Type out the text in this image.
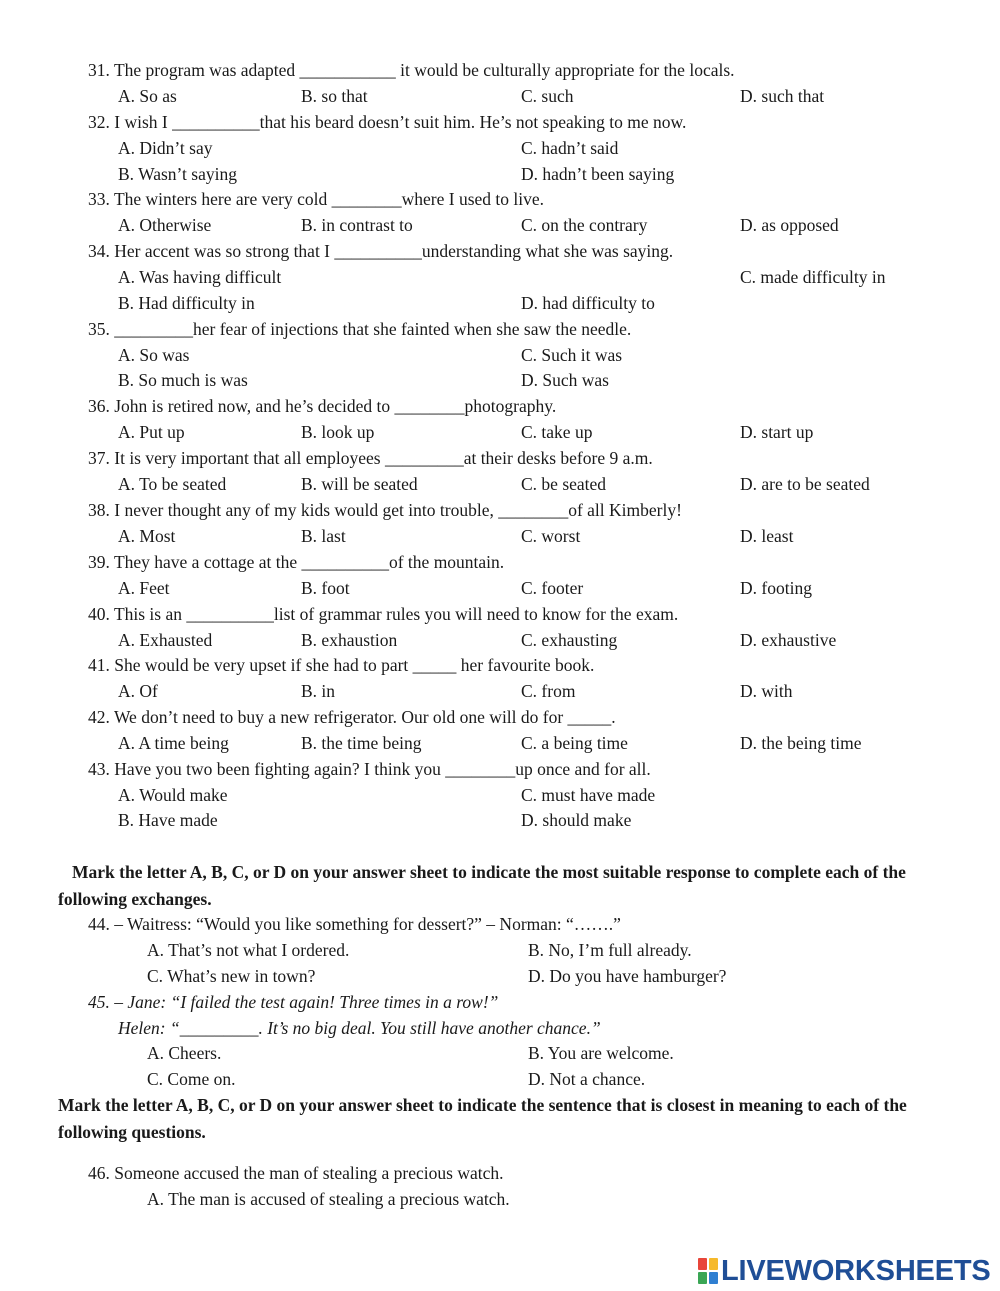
31. The program was adapted ___________ it would be culturally appropriate for the locals.
A. So as	B. so that	C. such	D. such that
32. I wish I __________that his beard doesn’t suit him. He’s not speaking to me now.
A. Didn’t say	C. hadn’t said
B. Wasn’t saying	D. hadn’t been saying
33. The winters here are very cold ________where I used to live.
A. Otherwise	B. in contrast to	C. on the contrary	D. as opposed
34. Her accent was so strong that I __________understanding what she was saying.
A. Was having difficult	C. made difficulty in
B. Had difficulty in	D. had difficulty to
35. _________her fear of injections that she fainted when she saw the needle.
A. So was	C. Such it was
B. So much is was	D. Such was
36. John is retired now, and he’s decided to ________photography.
A. Put up	B. look up	C. take up	D. start up
37. It is very important that all employees _________at their desks before 9 a.m.
A. To be seated	B. will be seated	C. be seated	D. are to be seated
38. I never thought any of my kids would get into trouble, ________of all Kimberly!
A. Most	B. last	C. worst	D. least
39. They have a cottage at the __________of the mountain.
A. Feet	B. foot	C. footer	D. footing
40. This is an __________list of grammar rules you will need to know for the exam.
A. Exhausted	B. exhaustion	C. exhausting	D. exhaustive
41. She would be very upset if she had to part _____ her favourite book.
A. Of	B. in	C. from	D. with
42. We don’t need to buy a new refrigerator. Our old one will do for _____.
A. A time being	B. the time being	C. a being time	D. the being time
43. Have you two been fighting again? I think you ________up once and for all.
A. Would make	C. must have made
B. Have made	D. should make
Mark the letter A, B, C, or D on your answer sheet to indicate the most suitable response to complete each of the following exchanges.
44. – Waitress: “Would you like something for dessert?” – Norman: “…….”
A. That’s not what I ordered.	B. No, I’m full already.
C. What’s new in town?	D. Do you have hamburger?
45. – Jane: “I failed the test again! Three times in a row!”
Helen: “_________. It’s no big deal. You still have another chance.”
A. Cheers.	B. You are welcome.
C. Come on.	D. Not a chance.
Mark the letter A, B, C, or D on your answer sheet to indicate the sentence that is closest in meaning to each of the following questions.
46. Someone accused the man of stealing a precious watch.
A. The man is accused of stealing a precious watch.
LIVEWORKSHEETS
